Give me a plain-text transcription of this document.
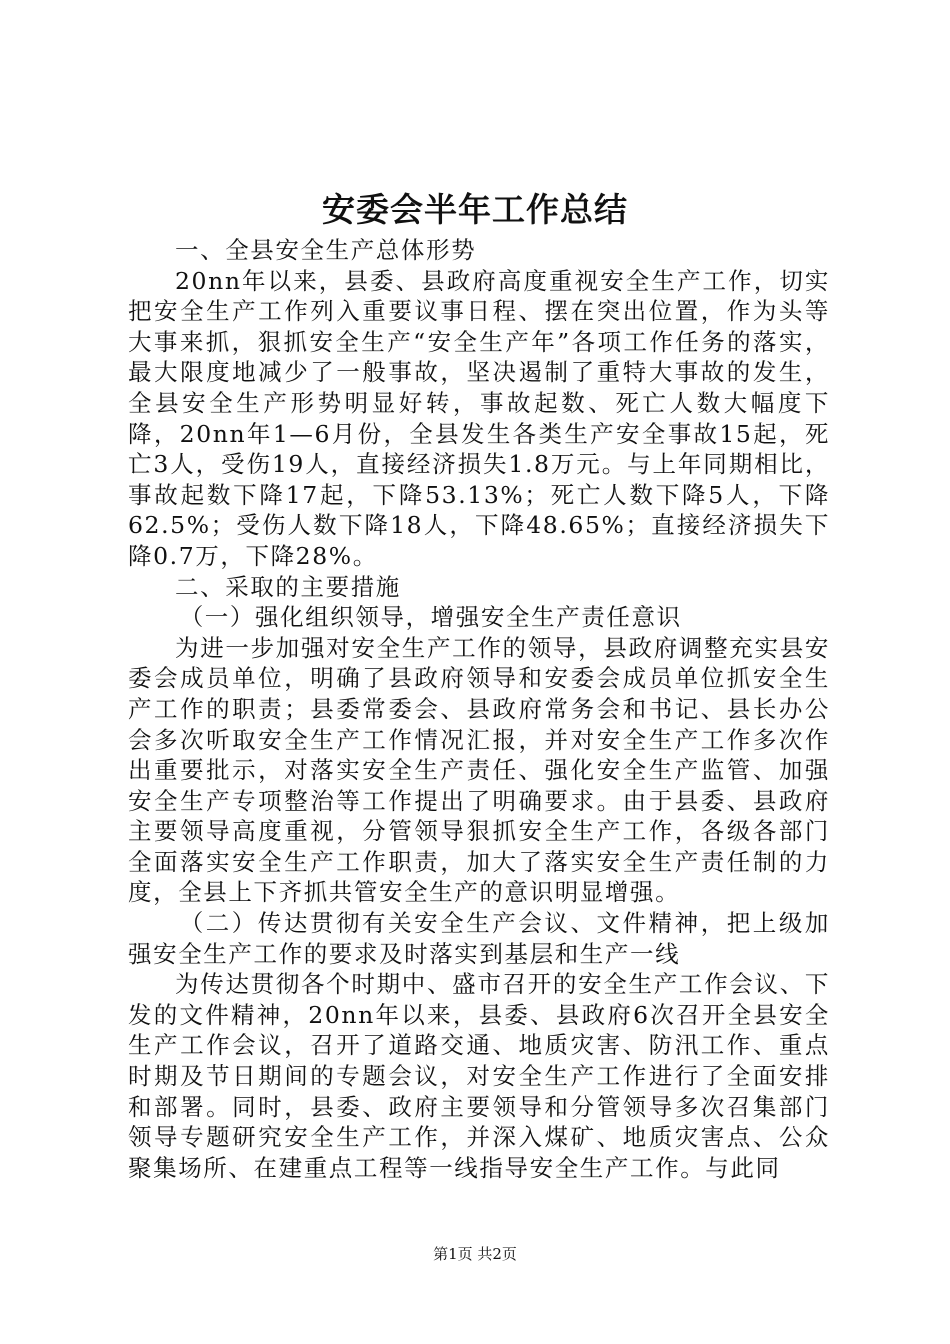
安委会半年工作总结

一、全县安全生产总体形势

20nn年以来，县委、县政府高度重视安全生产工作，切实把安全生产工作列入重要议事日程、摆在突出位置，作为头等大事来抓，狠抓安全生产“安全生产年”各项工作任务的落实，最大限度地减少了一般事故，坚决遏制了重特大事故的发生，全县安全生产形势明显好转，事故起数、死亡人数大幅度下降，20nn年1—6月份，全县发生各类生产安全事故15起，死亡3人，受伤19人，直接经济损失1.8万元。与上年同期相比，事故起数下降17起，下降53.13%；死亡人数下降5人，下降62.5%；受伤人数下降18人，下降48.65%；直接经济损失下降0.7万，下降28%。

二、采取的主要措施

（一）强化组织领导，增强安全生产责任意识

为进一步加强对安全生产工作的领导，县政府调整充实县安委会成员单位，明确了县政府领导和安委会成员单位抓安全生产工作的职责；县委常委会、县政府常务会和书记、县长办公会多次听取安全生产工作情况汇报，并对安全生产工作多次作出重要批示，对落实安全生产责任、强化安全生产监管、加强安全生产专项整治等工作提出了明确要求。由于县委、县政府主要领导高度重视，分管领导狠抓安全生产工作，各级各部门全面落实安全生产工作职责，加大了落实安全生产责任制的力度，全县上下齐抓共管安全生产的意识明显增强。

（二）传达贯彻有关安全生产会议、文件精神，把上级加强安全生产工作的要求及时落实到基层和生产一线

为传达贯彻各个时期中、盛市召开的安全生产工作会议、下发的文件精神，20nn年以来，县委、县政府6次召开全县安全生产工作会议，召开了道路交通、地质灾害、防汛工作、重点时期及节日期间的专题会议，对安全生产工作进行了全面安排和部署。同时，县委、政府主要领导和分管领导多次召集部门领导专题研究安全生产工作，并深入煤矿、地质灾害点、公众聚集场所、在建重点工程等一线指导安全生产工作。与此同

第1页 共2页
